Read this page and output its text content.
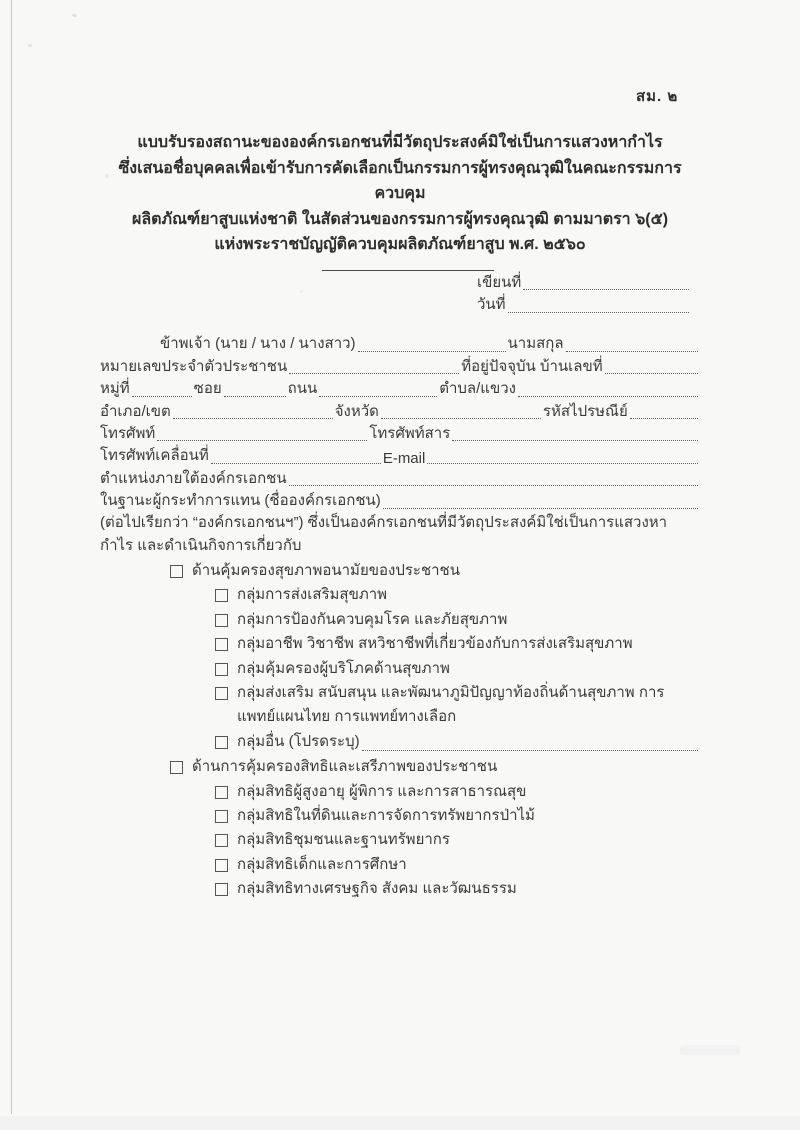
สม. ๒
แบบรับรองสถานะขององค์กรเอกชนที่มีวัตถุประสงค์มิใช่เป็นการแสวงหากำไร
ซึ่งเสนอชื่อบุคคลเพื่อเข้ารับการคัดเลือกเป็นกรรมการผู้ทรงคุณวุฒิในคณะกรรมการควบคุม
ผลิตภัณฑ์ยาสูบแห่งชาติ ในสัดส่วนของกรรมการผู้ทรงคุณวุฒิ ตามมาตรา ๖(๕)
แห่งพระราชบัญญัติควบคุมผลิตภัณฑ์ยาสูบ พ.ศ. ๒๕๖๐
เขียนที่
วันที่
ข้าพเจ้า (นาย / นาง / นางสาว)	นามสกุล
หมายเลขประจำตัวประชาชน	ที่อยู่ปัจจุบัน บ้านเลขที่
หมู่ที่	ซอย	ถนน	ตำบล/แขวง
อำเภอ/เขต	จังหวัด	รหัสไปรษณีย์
โทรศัพท์	โทรศัพท์สาร
โทรศัพท์เคลื่อนที่	E-mail
ตำแหน่งภายใต้องค์กรเอกชน
ในฐานะผู้กระทำการแทน (ชื่อองค์กรเอกชน)
(ต่อไปเรียกว่า “องค์กรเอกชนฯ”) ซึ่งเป็นองค์กรเอกชนที่มีวัตถุประสงค์มิใช่เป็นการแสวงหากำไร และดำเนินกิจการเกี่ยวกับ
ด้านคุ้มครองสุขภาพอนามัยของประชาชน
กลุ่มการส่งเสริมสุขภาพ
กลุ่มการป้องกันควบคุมโรค และภัยสุขภาพ
กลุ่มอาชีพ วิชาชีพ สหวิชาชีพที่เกี่ยวข้องกับการส่งเสริมสุขภาพ
กลุ่มคุ้มครองผู้บริโภคด้านสุขภาพ
กลุ่มส่งเสริม สนับสนุน และพัฒนาภูมิปัญญาท้องถิ่นด้านสุขภาพ การแพทย์แผนไทย การแพทย์ทางเลือก
กลุ่มอื่น (โปรดระบุ)
ด้านการคุ้มครองสิทธิและเสรีภาพของประชาชน
กลุ่มสิทธิผู้สูงอายุ ผู้พิการ และการสาธารณสุข
กลุ่มสิทธิในที่ดินและการจัดการทรัพยากรป่าไม้
กลุ่มสิทธิชุมชนและฐานทรัพยากร
กลุ่มสิทธิเด็กและการศึกษา
กลุ่มสิทธิทางเศรษฐกิจ สังคม และวัฒนธรรม
